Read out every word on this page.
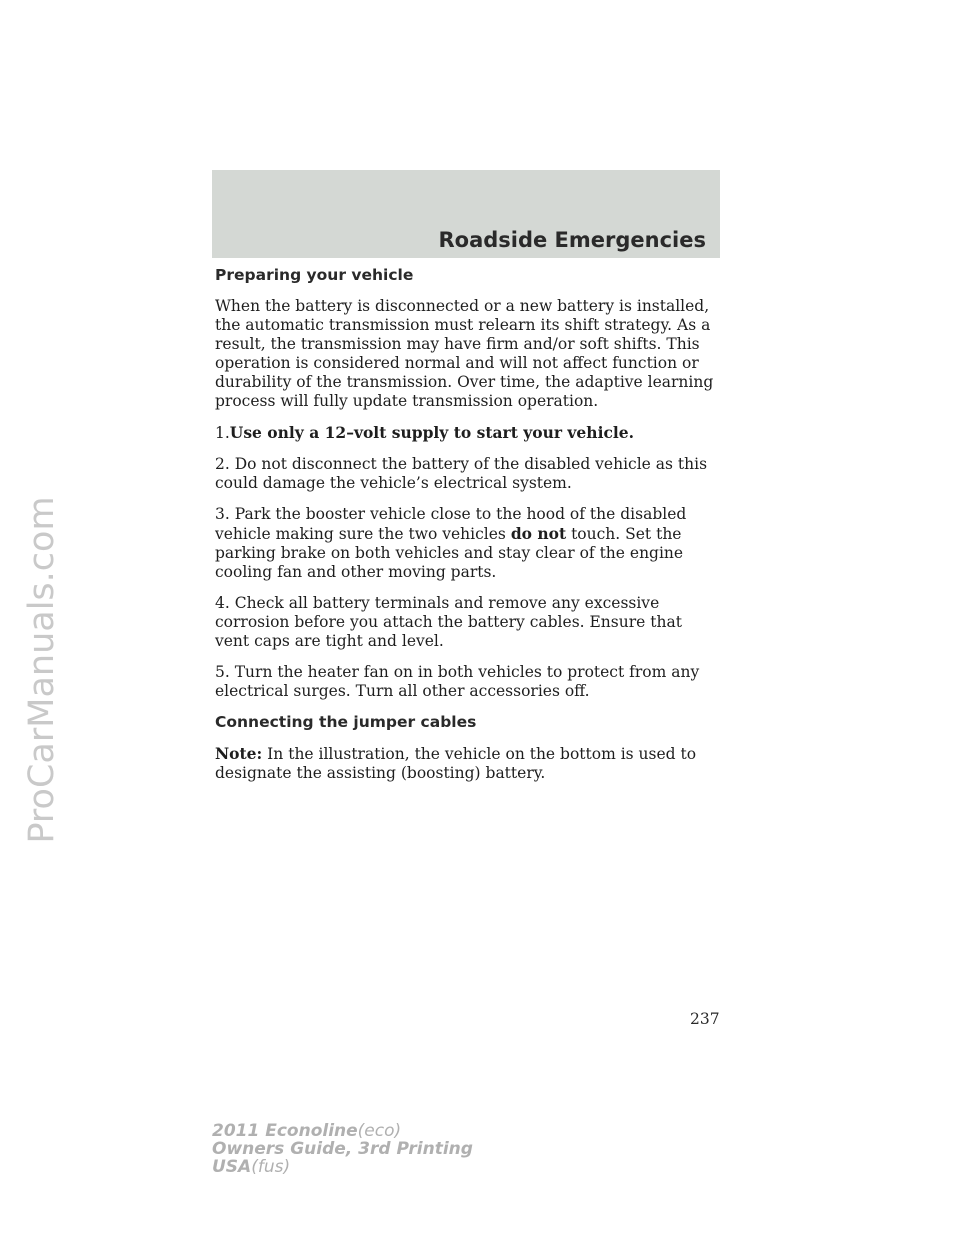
ProCarManuals.com
Roadside Emergencies
Preparing your vehicle

When the battery is disconnected or a new battery is installed, the automatic transmission must relearn its shift strategy. As a result, the transmission may have firm and/or soft shifts. This operation is considered normal and will not affect function or durability of the transmission. Over time, the adaptive learning process will fully update transmission operation.

1.Use only a 12–volt supply to start your vehicle.

2. Do not disconnect the battery of the disabled vehicle as this could damage the vehicle’s electrical system.

3. Park the booster vehicle close to the hood of the disabled vehicle making sure the two vehicles do not touch. Set the parking brake on both vehicles and stay clear of the engine cooling fan and other moving parts.

4. Check all battery terminals and remove any excessive corrosion before you attach the battery cables. Ensure that vent caps are tight and level.

5. Turn the heater fan on in both vehicles to protect from any electrical surges. Turn all other accessories off.

Connecting the jumper cables

Note: In the illustration, the vehicle on the bottom is used to designate the assisting (boosting) battery.

237
2011 Econoline(eco)
Owners Guide, 3rd Printing
USA(fus)
